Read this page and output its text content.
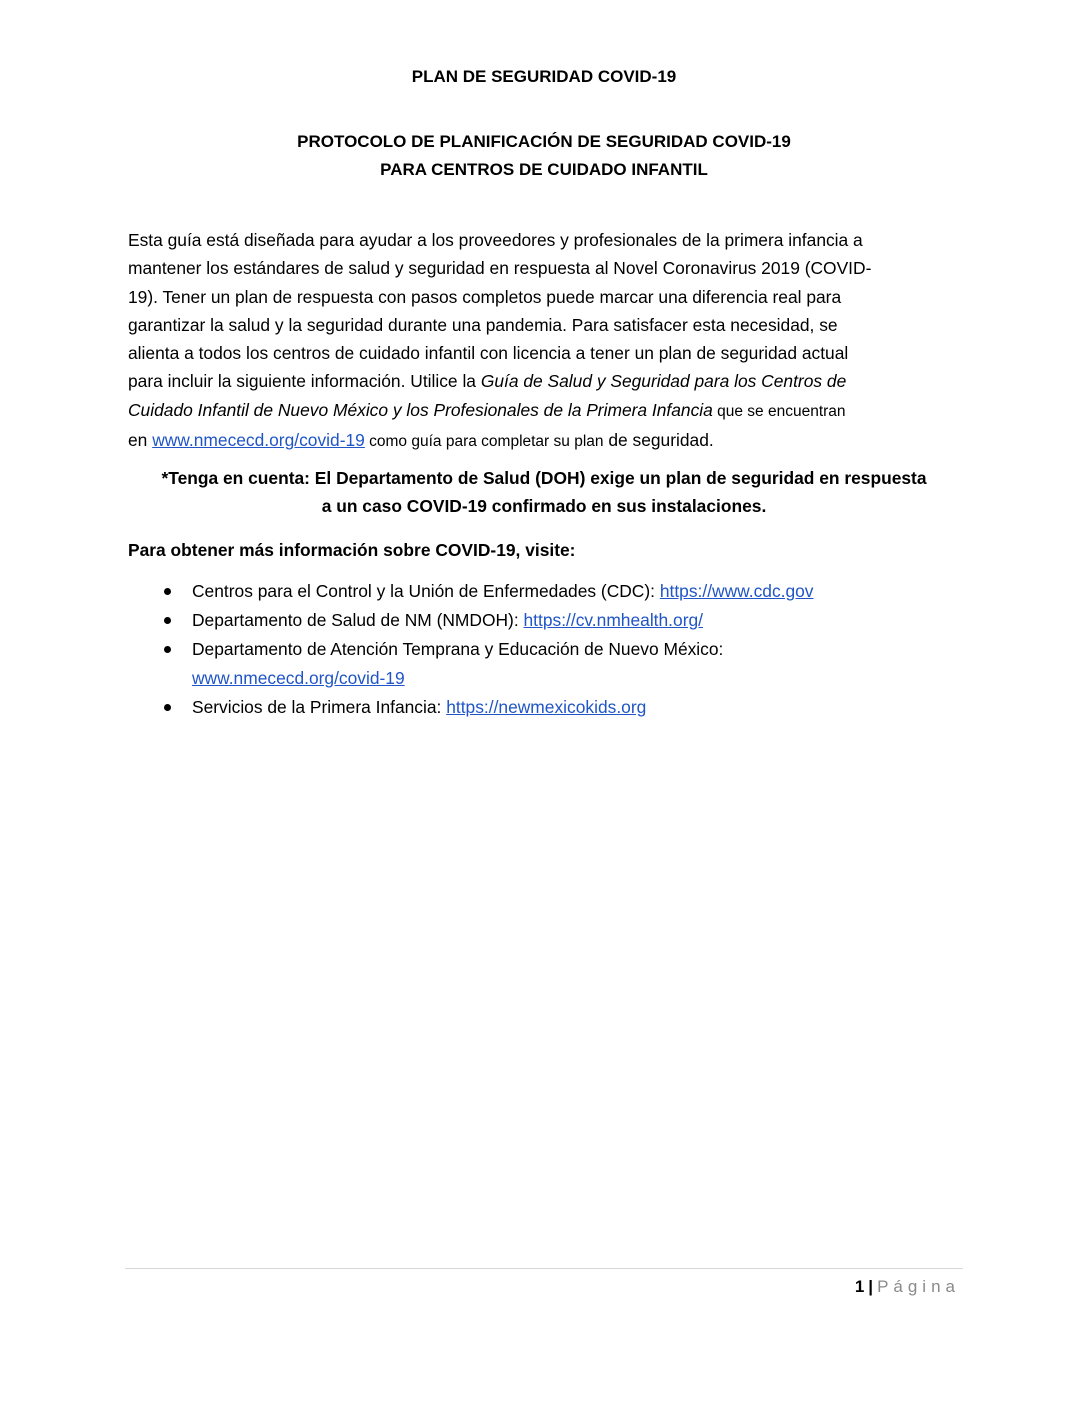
PLAN DE SEGURIDAD COVID-19
PROTOCOLO DE PLANIFICACIÓN DE SEGURIDAD COVID-19
PARA CENTROS DE CUIDADO INFANTIL
Esta guía está diseñada para ayudar a los proveedores y profesionales de la primera infancia a
mantener los estándares de salud y seguridad en respuesta al Novel Coronavirus 2019 (COVID-
19). Tener un plan de respuesta con pasos completos puede marcar una diferencia real para
garantizar la salud y la seguridad durante una pandemia. Para satisfacer esta necesidad, se
alienta a todos los centros de cuidado infantil con licencia a tener un plan de seguridad actual
para incluir la siguiente información. Utilice la Guía de Salud y Seguridad para los Centros de
Cuidado Infantil de Nuevo México y los Profesionales de la Primera Infancia que se encuentran
en www.nmececd.org/covid-19 como guía para completar su plan de seguridad.
*Tenga en cuenta: El Departamento de Salud (DOH) exige un plan de seguridad en respuesta
a un caso COVID-19 confirmado en sus instalaciones.
Para obtener más información sobre COVID-19, visite:
Centros para el Control y la Unión de Enfermedades (CDC): https://www.cdc.gov
Departamento de Salud de NM (NMDOH): https://cv.nmhealth.org/
Departamento de Atención Temprana y Educación de Nuevo México:
www.nmececd.org/covid-19
Servicios de la Primera Infancia: https://newmexicokids.org
1 | Página
